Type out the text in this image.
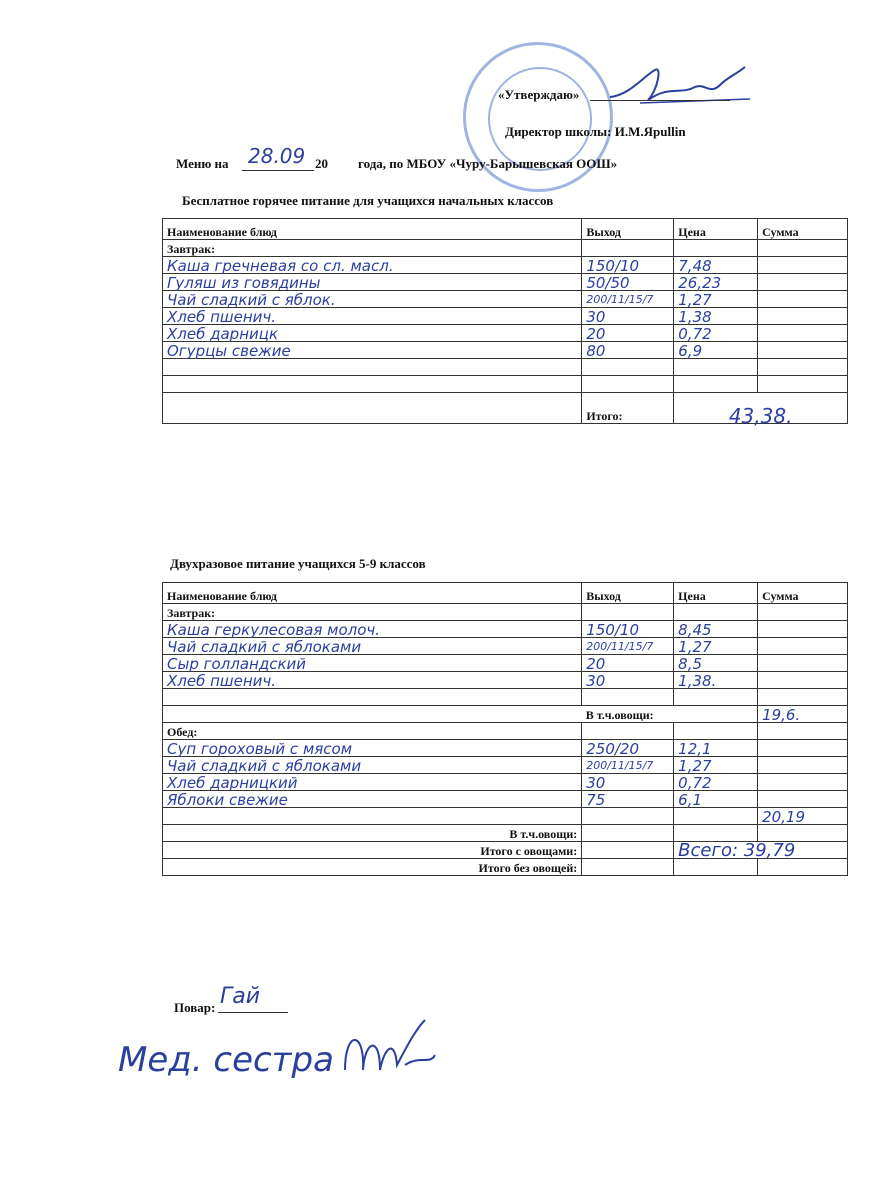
«Утверждаю»
Директор школы: И.М.Ярullin
Меню на 28.09 20 года, по МБОУ «Чуру-Барышевская ООШ»
Бесплатное горячее питание для учащихся начальных классов
Наименование блюд	Выход	Цена	Сумма
Завтрак:			
Каша гречневая со сл. масл.	150/10	7,48	
Гуляш из говядины	50/50	26,23	
Чай сладкий с яблок.	200/11/15/7	1,27	
Хлеб пшенич.	30	1,38	
Хлеб дарницк	20	0,72	
Огурцы свежие	80	6,9	

	Итого:	43,38.	
Двухразовое питание учащихся 5-9 классов
Наименование блюд	Выход	Цена	Сумма
Завтрак:			
Каша геркулесовая молоч.	150/10	8,45	
Чай сладкий с яблоками	200/11/15/7	1,27	
Сыр голландский	20	8,5	
Хлеб пшенич.	30	1,38.	

В т.ч.овощи:			19,6.
Обед:			
Суп гороховый с мясом	250/20	12,1	
Чай сладкий с яблоками	200/11/15/7	1,27	
Хлеб дарницкий	30	0,72	
Яблоки свежие	75	6,1	
			20,19
В т.ч.овощи:			
Итого с овощами:		Всего: 39,79	
Итого без овощей:			
Повар: Гай
Мед. сестра
